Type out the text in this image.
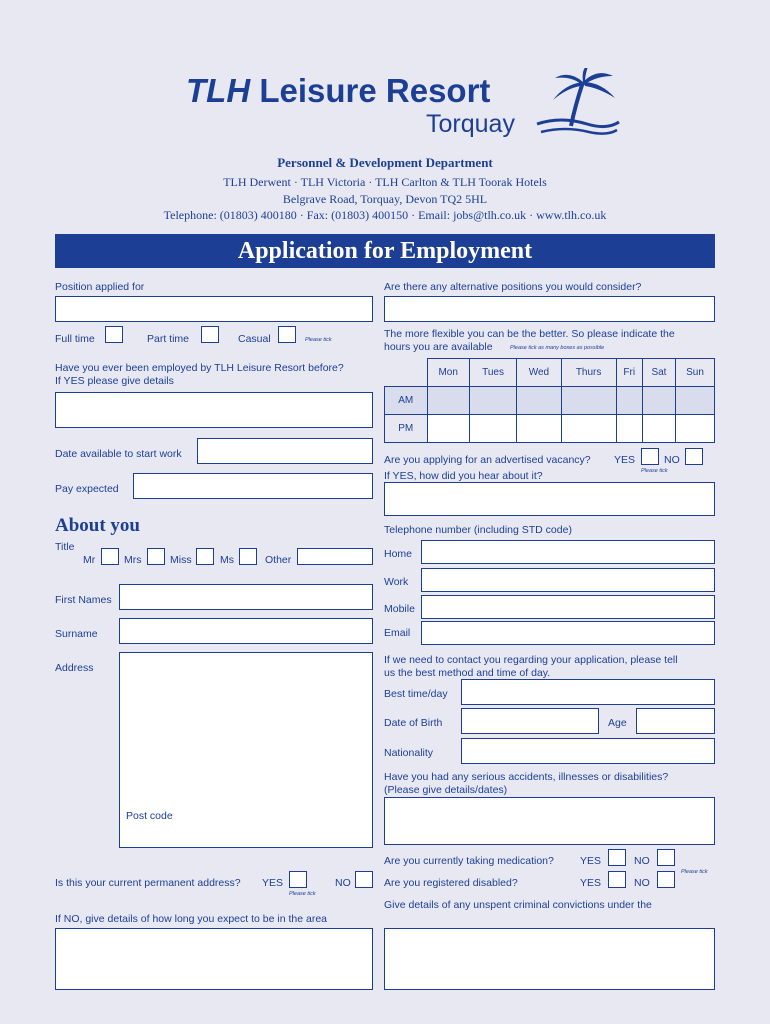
TLH Leisure Resort
Torquay
Personnel & Development Department
TLH Derwent · TLH Victoria · TLH Carlton & TLH Toorak Hotels
Belgrave Road, Torquay, Devon TQ2 5HL
Telephone: (01803) 400180 · Fax: (01803) 400150 · Email: jobs@tlh.co.uk · www.tlh.co.uk
Application for Employment
Position applied for
Full time	Part time	Casual	Please tick
Have you ever been employed by TLH Leisure Resort before?
If YES please give details
Date available to start work
Pay expected
About you
Title
Mr	Mrs	Miss	Ms	Other
First Names
Surname
Address
Post code
Is this your current permanent address? YES
Please tick
NO
If NO, give details of how long you expect to be in the area
Are there any alternative positions you would consider?
The more flexible you can be the better. So please indicate the
hours you are available	Please tick as many boxes as possible
	Mon	Tues	Wed	Thurs	Fri	Sat	Sun
AM							
PM							
Are you applying for an advertised vacancy? YES	NO
Please tick
If YES, how did you hear about it?
Telephone number (including STD code)
Home
Work
Mobile
Email
If we need to contact you regarding your application, please tell
us the best method and time of day.
Best time/day
Date of Birth	Age
Nationality
Have you had any serious accidents, illnesses or disabilities?
(Please give details/dates)
Are you currently taking medication? YES	NO
Please tick
Are you registered disabled?	YES	NO
Give details of any unspent criminal convictions under the
